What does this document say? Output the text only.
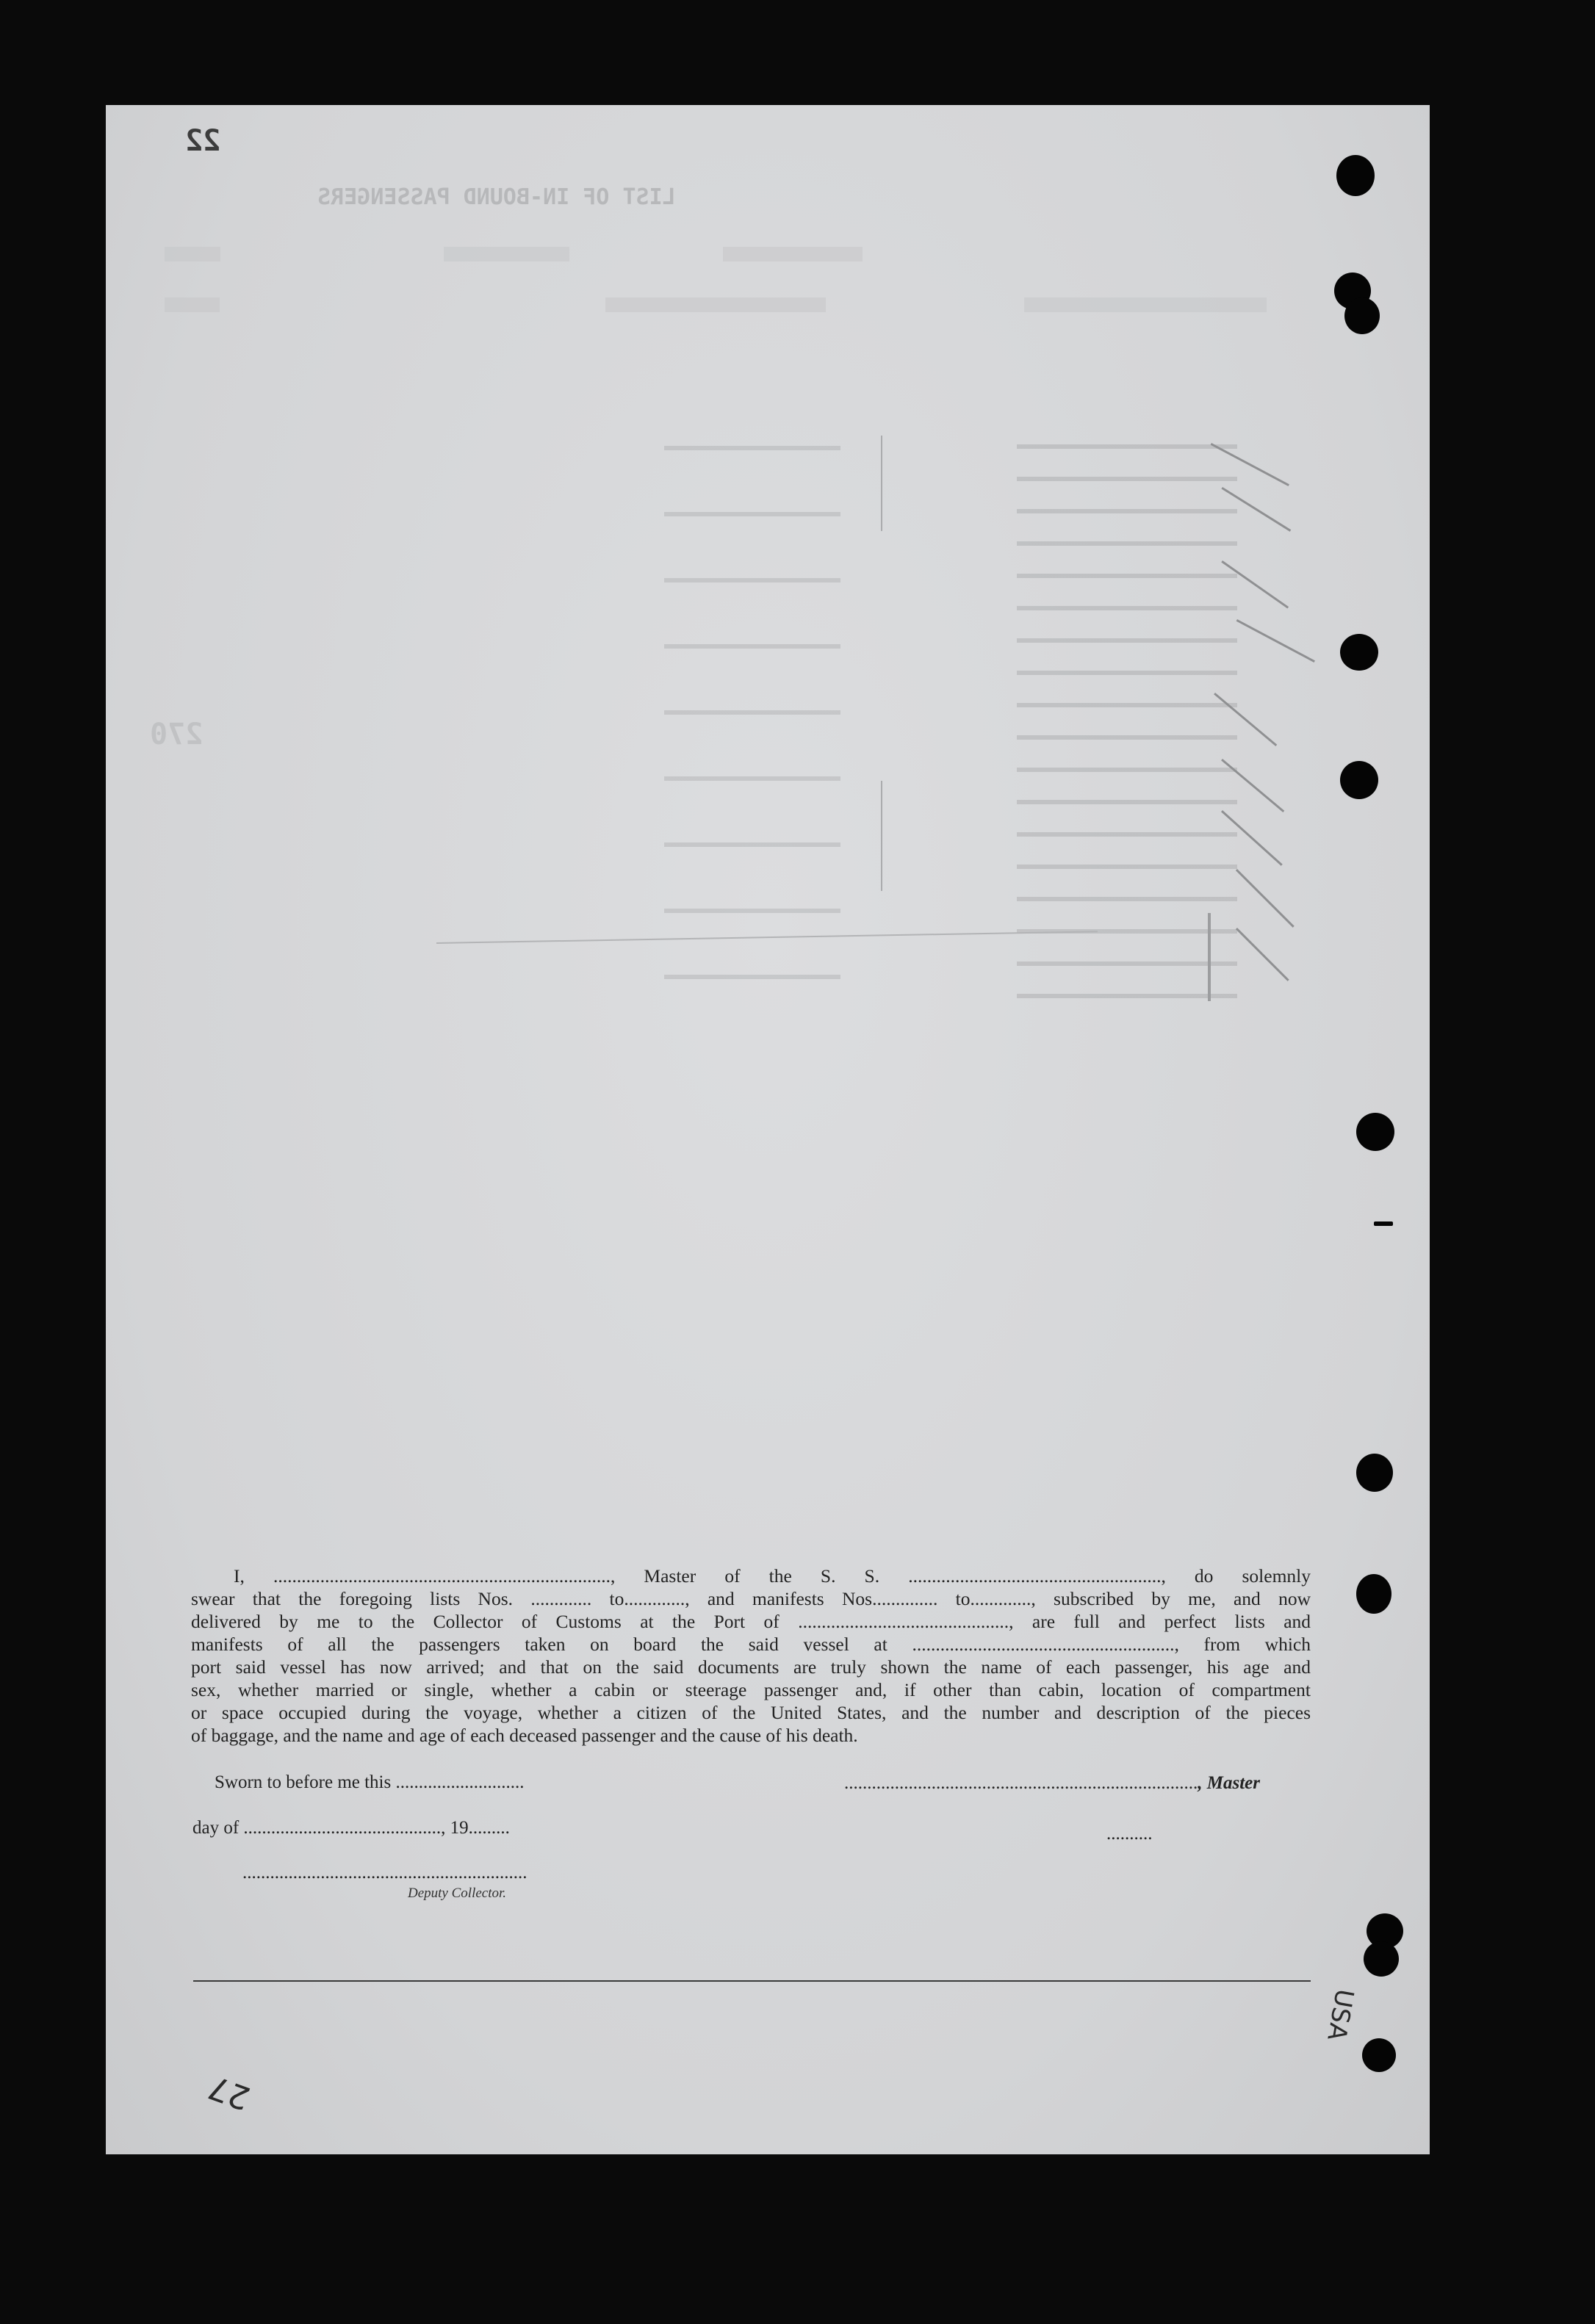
22
LIST OF IN-BOUND PASSENGERS
270
I, ........................................................................, Master of the S. S. ......................................................, do solemnly
swear that the foregoing lists Nos. ............. to............., and manifests Nos.............. to............., subscribed by me, and now
delivered by me to the Collector of Customs at the Port of ............................................., are full and perfect lists and
manifests of all the passengers taken on board the said vessel at ........................................................, from which
port said vessel has now arrived; and that on the said documents are truly shown the name of each passenger, his age and
sex, whether married or single, whether a cabin or steerage passenger and, if other than cabin, location of compartment
or space occupied during the voyage, whether a citizen of the United States, and the number and description of the pieces
of baggage, and the name and age of each deceased passenger and the cause of his death.
Sworn to before me this ............................	............................................................................., Master
day of ..........................................., 19.........
..............................................................
Deputy Collector.
..........
27
USA
